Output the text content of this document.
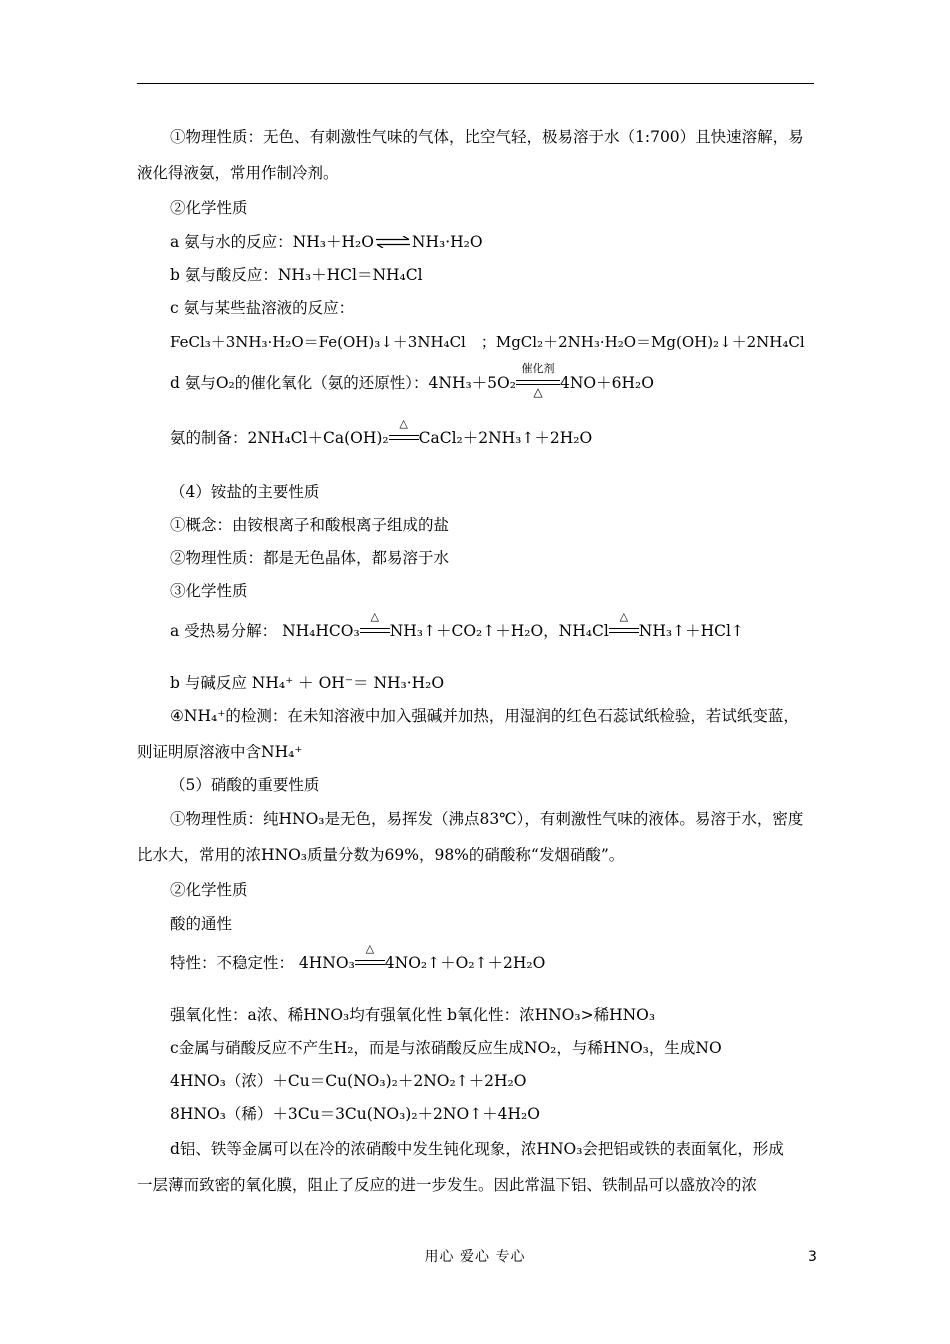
①物理性质：无色、有刺激性气味的气体，比空气轻，极易溶于水（1:700）且快速溶解，易
液化得液氨，常用作制冷剂。
②化学性质
a 氨与水的反应：NH₃＋H₂O ⇌ NH₃·H₂O
b 氨与酸反应：NH₃＋HCl＝NH₄Cl
c 氨与某些盐溶液的反应：
FeCl₃＋3NH₃·H₂O＝Fe(OH)₃↓＋3NH₄Cl　；MgCl₂＋2NH₃·H₂O＝Mg(OH)₂↓＋2NH₄Cl
d 氨与O₂的催化氧化（氨的还原性）：4NH₃＋5O₂
催化剂
△	4NO＋6H₂O
氨的制备：2NH₄Cl＋Ca(OH)₂
△
CaCl₂＋2NH₃↑＋2H₂O
（4）铵盐的主要性质
①概念：由铵根离子和酸根离子组成的盐
②物理性质：都是无色晶体，都易溶于水
③化学性质
a 受热易分解： NH₄HCO₃
△
NH₃↑＋CO₂↑＋H₂O，NH₄Cl
△
NH₃↑＋HCl↑
b 与碱反应 NH₄⁺ ＋ OH⁻＝ NH₃·H₂O
④NH₄⁺的检测：在未知溶液中加入强碱并加热，用湿润的红色石蕊试纸检验，若试纸变蓝，
则证明原溶液中含NH₄⁺
（5）硝酸的重要性质
①物理性质：纯HNO₃是无色，易挥发（沸点83℃），有刺激性气味的液体。易溶于水，密度
比水大，常用的浓HNO₃质量分数为69%，98%的硝酸称“发烟硝酸”。
②化学性质
酸的通性
特性：不稳定性： 4HNO₃
△
4NO₂↑＋O₂↑＋2H₂O
强氧化性：a浓、稀HNO₃均有强氧化性 b氧化性：浓HNO₃>稀HNO₃
c金属与硝酸反应不产生H₂，而是与浓硝酸反应生成NO₂，与稀HNO₃，生成NO
4HNO₃（浓）＋Cu＝Cu(NO₃)₂＋2NO₂↑＋2H₂O
8HNO₃（稀）＋3Cu＝3Cu(NO₃)₂＋2NO↑＋4H₂O
d铝、铁等金属可以在冷的浓硝酸中发生钝化现象，浓HNO₃会把铝或铁的表面氧化，形成
一层薄而致密的氧化膜，阻止了反应的进一步发生。因此常温下铝、铁制品可以盛放冷的浓
用心 爱心 专心	3
